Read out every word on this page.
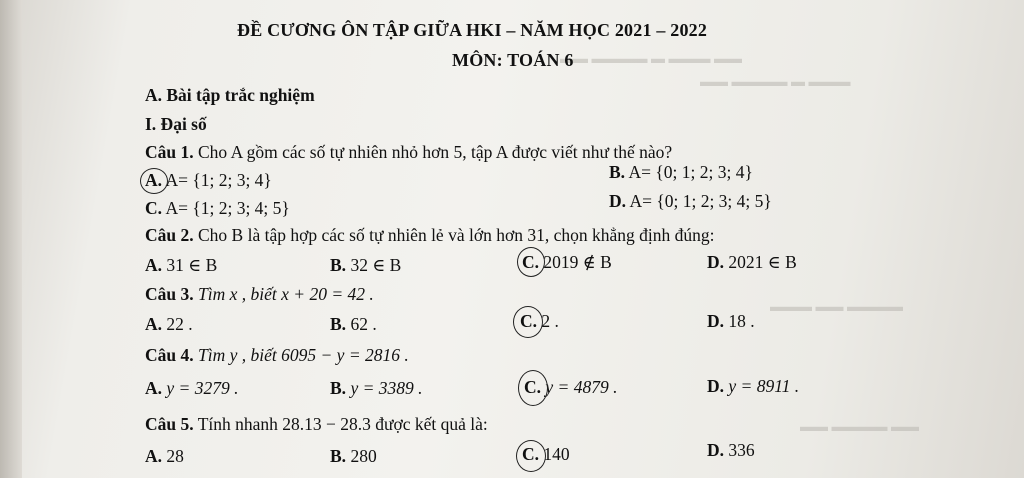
▬▬ ▬▬▬ ▬ ▬▬▬▬ ▬▬
▬▬▬ ▬ ▬▬▬▬ ▬▬
▬▬▬▬ ▬▬ ▬▬▬
▬▬ ▬▬▬▬ ▬▬
ĐỀ CƯƠNG ÔN TẬP GIỮA HKI – NĂM HỌC 2021 – 2022
MÔN: TOÁN 6
A. Bài tập trắc nghiệm
I. Đại số
Câu 1. Cho A gồm các số tự nhiên nhỏ hơn 5, tập A được viết như thế nào?
A. A= {1; 2; 3; 4}	B. A= {0; 1; 2; 3; 4}
C. A= {1; 2; 3; 4; 5}	D. A= {0; 1; 2; 3; 4; 5}
Câu 2. Cho B là tập hợp các số tự nhiên lẻ và lớn hơn 31, chọn khẳng định đúng:
A. 31 ∈ B	B. 32 ∈ B	C. 2019 ∉ B	D. 2021 ∈ B
Câu 3. Tìm x , biết x + 20 = 42 .
A. 22 .	B. 62 .	C. 2 .	D. 18 .
Câu 4. Tìm y , biết 6095 − y = 2816 .
A. y = 3279 .	B. y = 3389 .	C. y = 4879 .	D. y = 8911 .
Câu 5. Tính nhanh 28.13 − 28.3 được kết quả là:
A. 28	B. 280	C. 140	D. 336
